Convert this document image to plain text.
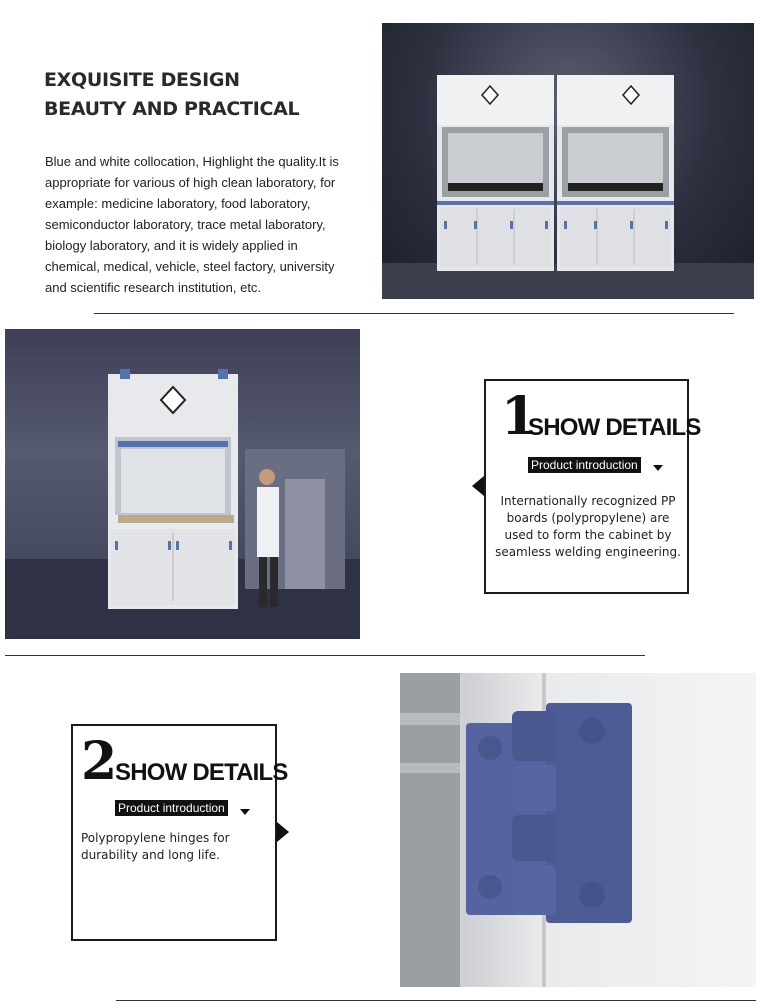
EXQUISITE DESIGN
BEAUTY AND PRACTICAL
Blue and white collocation, Highlight the quality.It is appropriate for various of high clean laboratory, for example: medicine laboratory, food laboratory, semiconductor laboratory, trace metal laboratory, biology laboratory, and it is widely applied in chemical, medical, vehicle, steel factory, university and scientific research institution, etc.
1
SHOW DETAILS
Product introduction
Internationally recognized PP boards (polypropylene) are used to form the cabinet by seamless welding engineering.
2
SHOW DETAILS
Product introduction
Polypropylene hinges for durability and long life.
